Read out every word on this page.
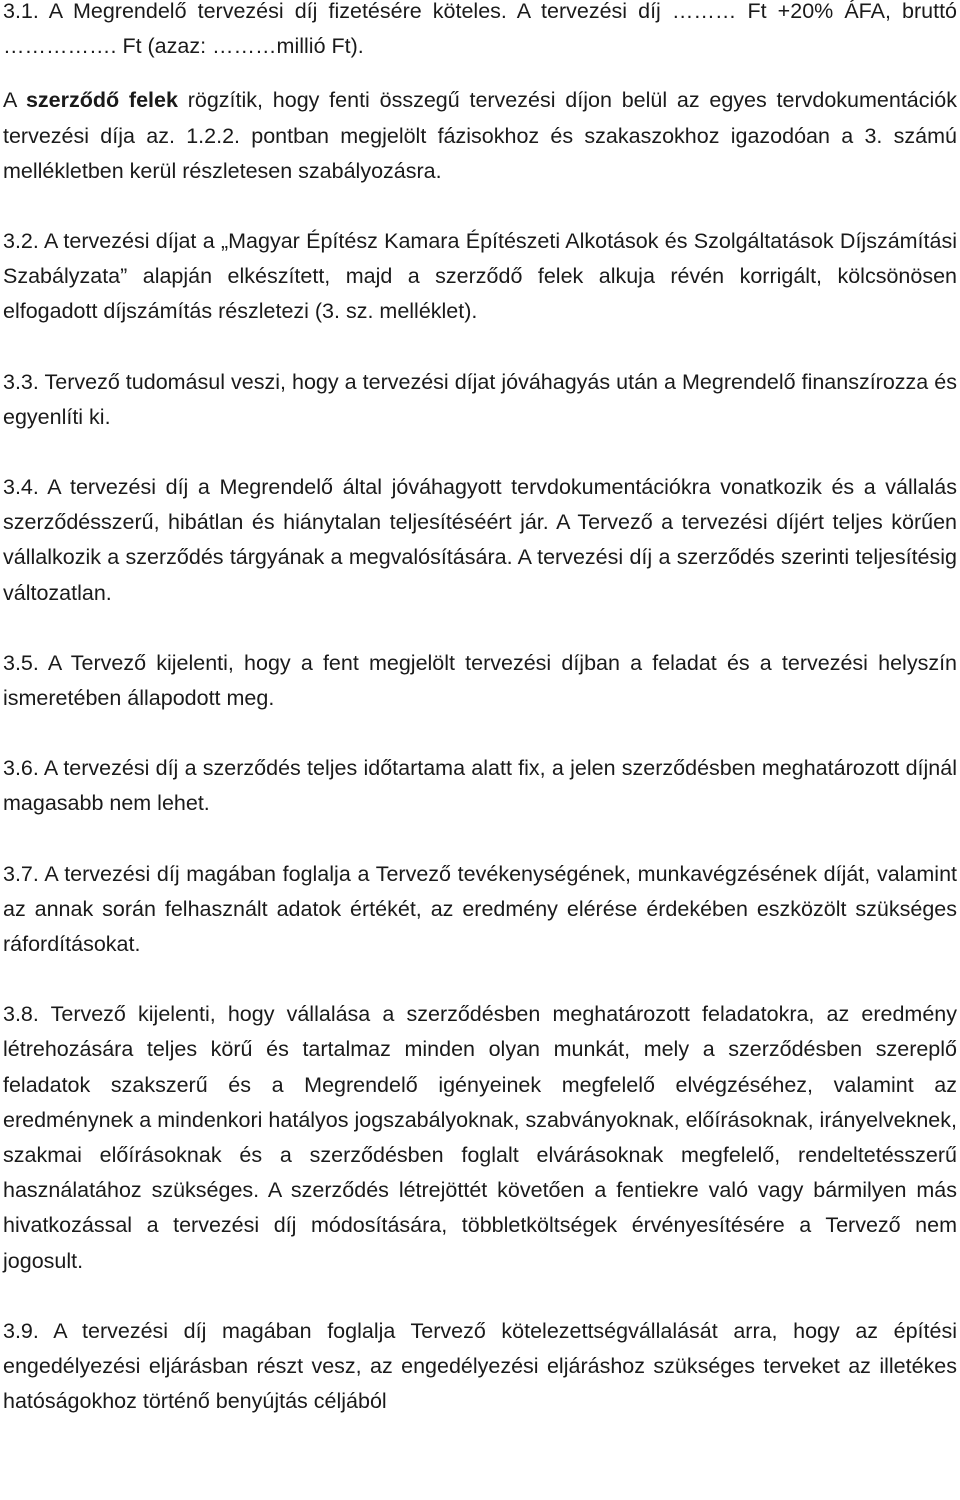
3.1. A Megrendelő tervezési díj fizetésére köteles. A tervezési díj ……… Ft +20% ÁFA, bruttó ……………. Ft (azaz: ………millió Ft).

A szerződő felek rögzítik, hogy fenti összegű tervezési díjon belül az egyes tervdokumentációk tervezési díja az. 1.2.2. pontban megjelölt fázisokhoz és szakaszokhoz igazodóan a 3. számú mellékletben kerül részletesen szabályozásra.

3.2. A tervezési díjat a „Magyar Építész Kamara Építészeti Alkotások és Szolgáltatások Díjszámítási Szabályzata” alapján elkészített, majd a szerződő felek alkuja révén korrigált, kölcsönösen elfogadott díjszámítás részletezi (3. sz. melléklet).

3.3. Tervező tudomásul veszi, hogy a tervezési díjat jóváhagyás után a Megrendelő finanszírozza és egyenlíti ki.

3.4. A tervezési díj a Megrendelő által jóváhagyott tervdokumentációkra vonatkozik és a vállalás szerződésszerű, hibátlan és hiánytalan teljesítéséért jár. A Tervező a tervezési díjért teljes körűen vállalkozik a szerződés tárgyának a megvalósítására. A tervezési díj a szerződés szerinti teljesítésig változatlan.

3.5. A Tervező kijelenti, hogy a fent megjelölt tervezési díjban a feladat és a tervezési helyszín ismeretében állapodott meg.

3.6. A tervezési díj a szerződés teljes időtartama alatt fix, a jelen szerződésben meghatározott díjnál magasabb nem lehet.

3.7. A tervezési díj magában foglalja a Tervező tevékenységének, munkavégzésének díját, valamint az annak során felhasznált adatok értékét, az eredmény elérése érdekében eszközölt szükséges ráfordításokat.

3.8. Tervező kijelenti, hogy vállalása a szerződésben meghatározott feladatokra, az eredmény létrehozására teljes körű és tartalmaz minden olyan munkát, mely a szerződésben szereplő feladatok szakszerű és a Megrendelő igényeinek megfelelő elvégzéséhez, valamint az eredménynek a mindenkori hatályos jogszabályoknak, szabványoknak, előírásoknak, irányelveknek, szakmai előírásoknak és a szerződésben foglalt elvárásoknak megfelelő, rendeltetésszerű használatához szükséges. A szerződés létrejöttét követően a fentiekre való vagy bármilyen más hivatkozással a tervezési díj módosítására, többletköltségek érvényesítésére a Tervező nem jogosult.

3.9. A tervezési díj magában foglalja Tervező kötelezettségvállalását arra, hogy az építési engedélyezési eljárásban részt vesz, az engedélyezési eljáráshoz szükséges terveket az illetékes hatóságokhoz történő benyújtás céljából
